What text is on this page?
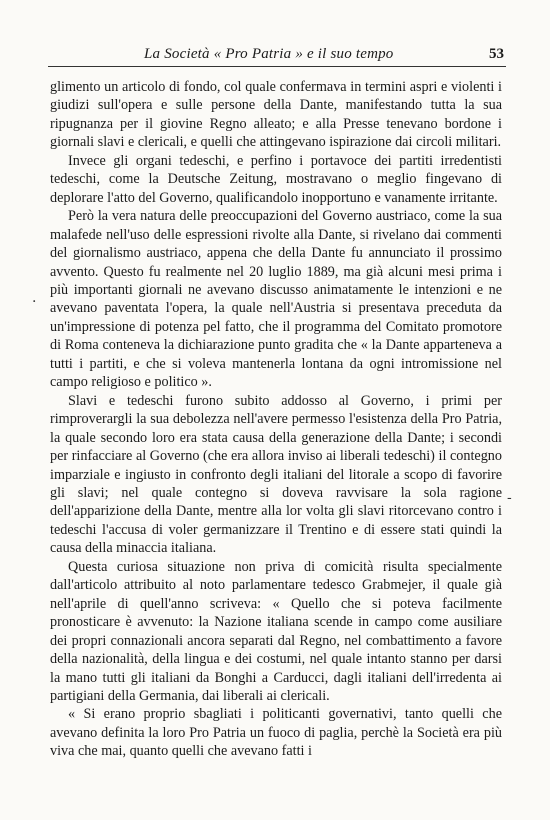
La Società « Pro Patria » e il suo tempo	53
·
-

glimento un articolo di fondo, col quale confermava in termini aspri e violenti i giudizi sull'opera e sulle persone della Dante, manifestando tutta la sua ripugnanza per il giovine Regno alleato; e alla Presse tenevano bordone i giornali slavi e clericali, e quelli che attingevano ispirazione dai circoli militari.

Invece gli organi tedeschi, e perfino i portavoce dei partiti irredentisti tedeschi, come la Deutsche Zeitung, mostravano o meglio fingevano di deplorare l'atto del Governo, qualificandolo inopportuno e vanamente irritante.

Però la vera natura delle preoccupazioni del Governo austriaco, come la sua malafede nell'uso delle espressioni rivolte alla Dante, si rivelano dai commenti del giornalismo austriaco, appena che della Dante fu annunciato il prossimo avvento. Questo fu realmente nel 20 luglio 1889, ma già alcuni mesi prima i più importanti giornali ne avevano discusso animatamente le intenzioni e ne avevano paventata l'opera, la quale nell'Austria si presentava preceduta da un'impressione di potenza pel fatto, che il programma del Comitato promotore di Roma conteneva la dichiarazione punto gradita che « la Dante apparteneva a tutti i partiti, e che si voleva mantenerla lontana da ogni intromissione nel campo religioso e politico ».

Slavi e tedeschi furono subito addosso al Governo, i primi per rimproverargli la sua debolezza nell'avere permesso l'esistenza della Pro Patria, la quale secondo loro era stata causa della generazione della Dante; i secondi per rinfacciare al Governo (che era allora inviso ai liberali tedeschi) il contegno imparziale e ingiusto in confronto degli italiani del litorale a scopo di favorire gli slavi; nel quale contegno si doveva ravvisare la sola ragione dell'apparizione della Dante, mentre alla lor volta gli slavi ritorcevano contro i tedeschi l'accusa di voler germanizzare il Trentino e di essere stati quindi la causa della minaccia italiana.

Questa curiosa situazione non priva di comicità risulta specialmente dall'articolo attribuito al noto parlamentare tedesco Grabmejer, il quale già nell'aprile di quell'anno scriveva: « Quello che si poteva facilmente pronosticare è avvenuto: la Nazione italiana scende in campo come ausiliare dei propri connazionali ancora separati dal Regno, nel combattimento a favore della nazionalità, della lingua e dei costumi, nel quale intanto stanno per darsi la mano tutti gli italiani da Bonghi a Carducci, dagli italiani dell'irredenta ai partigiani della Germania, dai liberali ai clericali.

« Si erano proprio sbagliati i politicanti governativi, tanto quelli che avevano definita la loro Pro Patria un fuoco di paglia, perchè la Società era più viva che mai, quanto quelli che avevano fatti i
